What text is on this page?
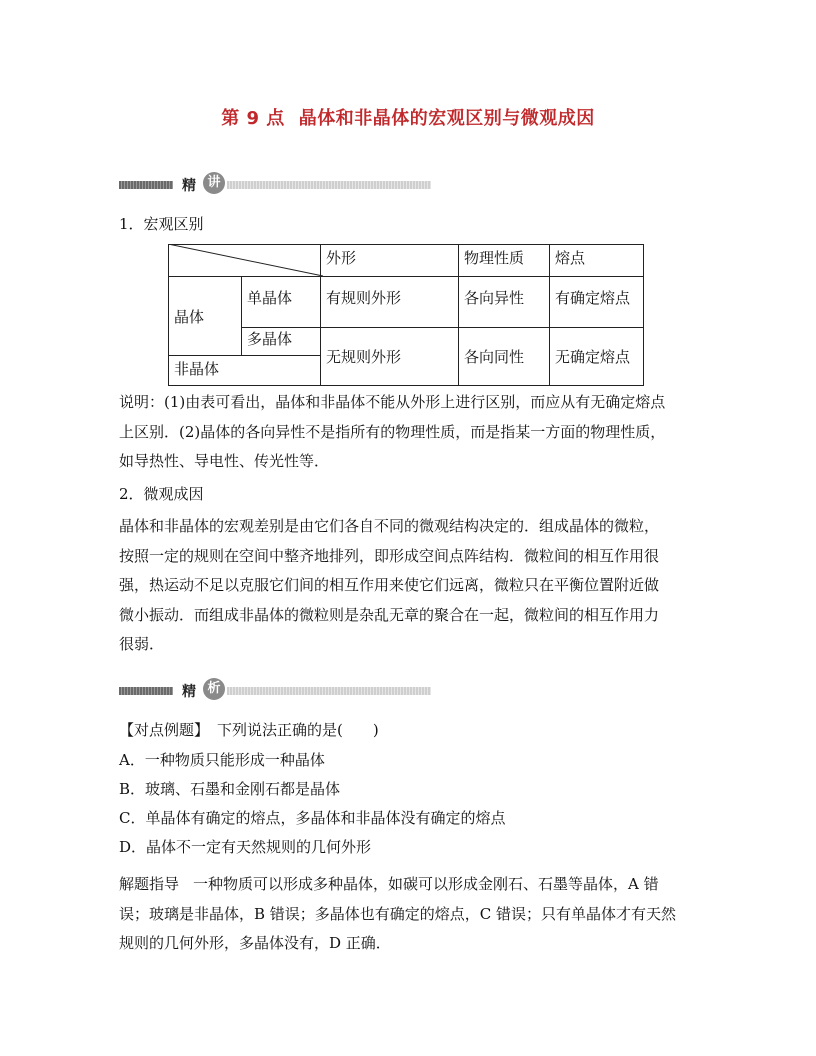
第 9 点 晶体和非晶体的宏观区别与微观成因
精 讲
1．宏观区别
		外形	物理性质	熔点
晶体	单晶体	有规则外形	各向异性	有确定熔点
	多晶体	无规则外形	各向同性	无确定熔点
非晶体				
说明：(1)由表可看出，晶体和非晶体不能从外形上进行区别，而应从有无确定熔点
上区别．(2)晶体的各向异性不是指所有的物理性质，而是指某一方面的物理性质，
如导热性、导电性、传光性等．
2．微观成因
晶体和非晶体的宏观差别是由它们各自不同的微观结构决定的．组成晶体的微粒，
按照一定的规则在空间中整齐地排列，即形成空间点阵结构．微粒间的相互作用很
强，热运动不足以克服它们间的相互作用来使它们远离，微粒只在平衡位置附近做
微小振动．而组成非晶体的微粒则是杂乱无章的聚合在一起，微粒间的相互作用力
很弱．
精 析
【对点例题】 下列说法正确的是(　　)
A．一种物质只能形成一种晶体
B．玻璃、石墨和金刚石都是晶体
C．单晶体有确定的熔点，多晶体和非晶体没有确定的熔点
D．晶体不一定有天然规则的几何外形
解题指导 一种物质可以形成多种晶体，如碳可以形成金刚石、石墨等晶体，A 错
误；玻璃是非晶体，B 错误；多晶体也有确定的熔点，C 错误；只有单晶体才有天然
规则的几何外形，多晶体没有，D 正确．
